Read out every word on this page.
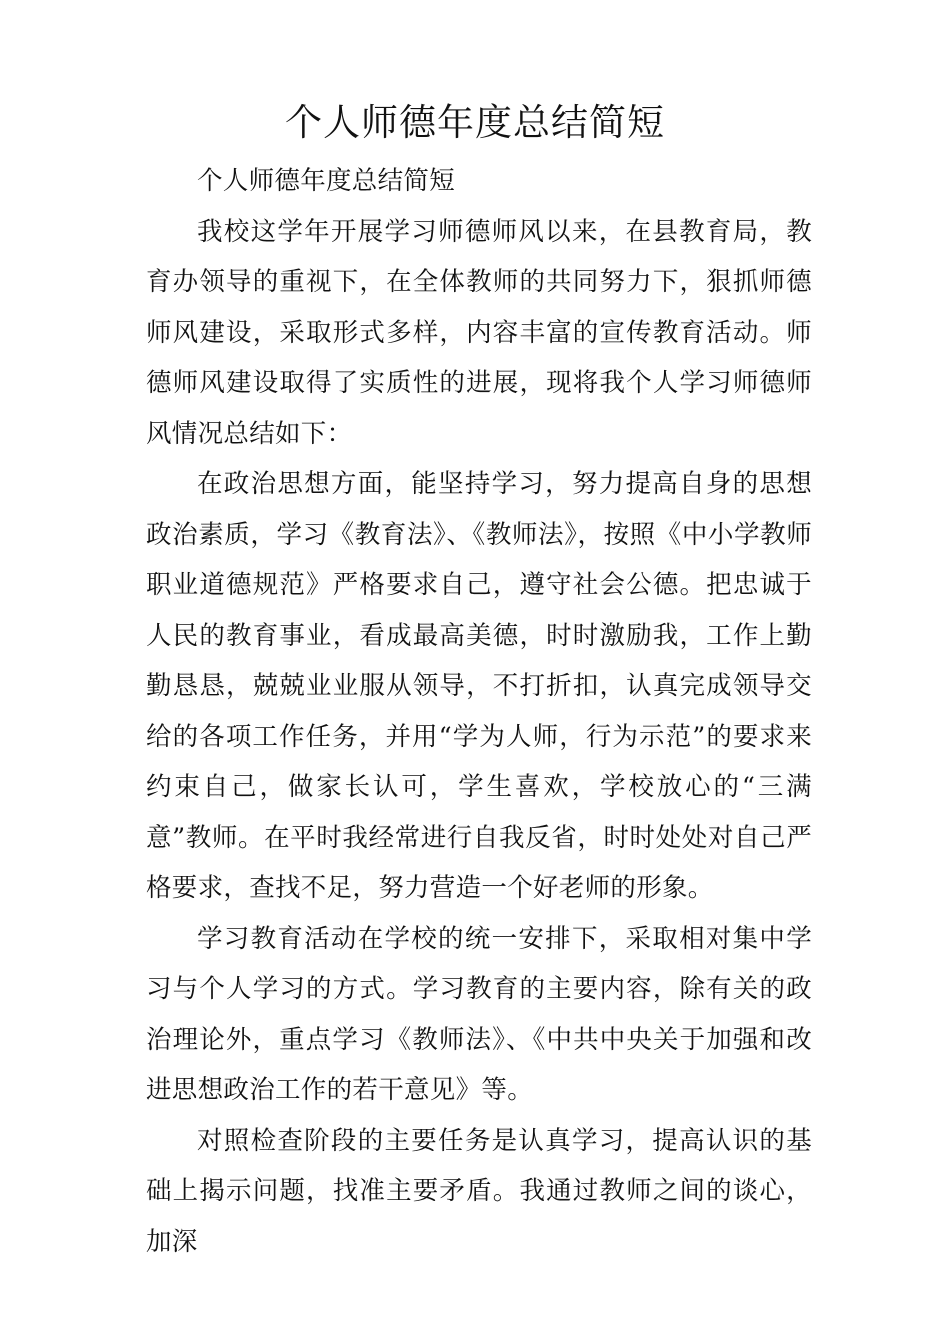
个人师德年度总结简短

个人师德年度总结简短

我校这学年开展学习师德师风以来，在县教育局，教育办领导的重视下，在全体教师的共同努力下，狠抓师德师风建设，采取形式多样，内容丰富的宣传教育活动。师德师风建设取得了实质性的进展，现将我个人学习师德师风情况总结如下：

在政治思想方面，能坚持学习，努力提高自身的思想政治素质，学习《教育法》、《教师法》，按照《中小学教师职业道德规范》严格要求自己，遵守社会公德。把忠诚于人民的教育事业，看成最高美德，时时激励我，工作上勤勤恳恳，兢兢业业服从领导，不打折扣，认真完成领导交给的各项工作任务，并用“学为人师，行为示范”的要求来约束自己，做家长认可，学生喜欢，学校放心的“三满意”教师。在平时我经常进行自我反省，时时处处对自己严格要求，查找不足，努力营造一个好老师的形象。

学习教育活动在学校的统一安排下，采取相对集中学习与个人学习的方式。学习教育的主要内容，除有关的政治理论外，重点学习《教师法》、《中共中央关于加强和改进思想政治工作的若干意见》等。

对照检查阶段的主要任务是认真学习，提高认识的基础上揭示问题，找准主要矛盾。我通过教师之间的谈心，加深
